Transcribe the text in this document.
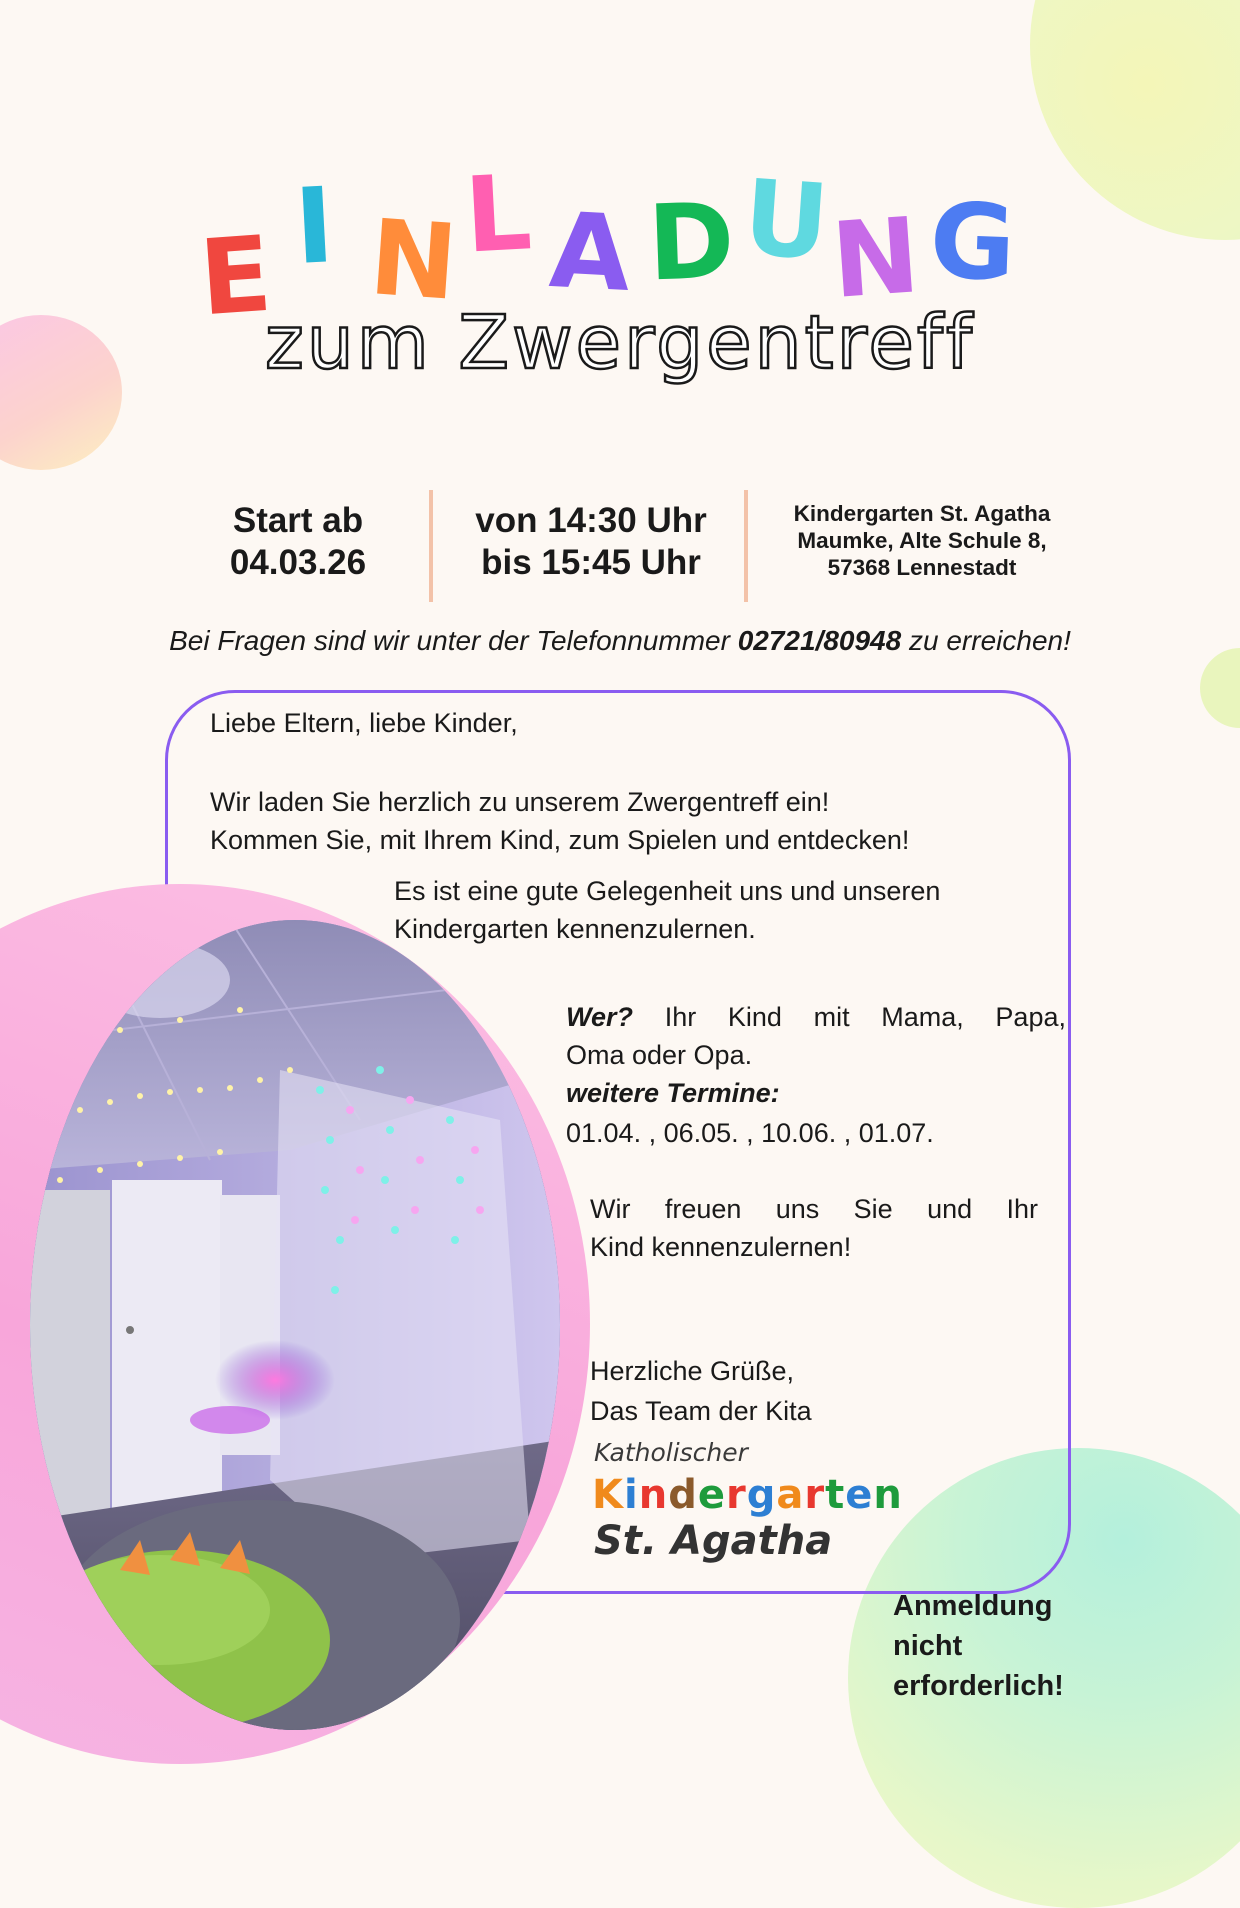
E I N L A D U
N G
zum Zwergentreff
Start ab
04.03.26
von 14:30 Uhr
bis 15:45 Uhr
Kindergarten St. Agatha
Maumke, Alte Schule 8,
57368 Lennestadt
Bei Fragen sind wir unter der Telefonnummer 02721/80948 zu erreichen!
Liebe Eltern, liebe Kinder,
Wir laden Sie herzlich zu unserem Zwergentreff ein!
Kommen Sie, mit Ihrem Kind, zum Spielen und entdecken!
Es ist eine gute Gelegenheit uns und unseren
Kindergarten kennenzulernen.
Wer? Ihr Kind mit Mama, Papa,
Oma oder Opa.
weitere Termine:
01.04. , 06.05. , 10.06. , 01.07.
Wir freuen uns Sie und Ihr
Kind kennenzulernen!
Herzliche Grüße,
Das Team der Kita
Katholischer
Kindergarten
St. Agatha
Anmeldung
nicht
erforderlich!
